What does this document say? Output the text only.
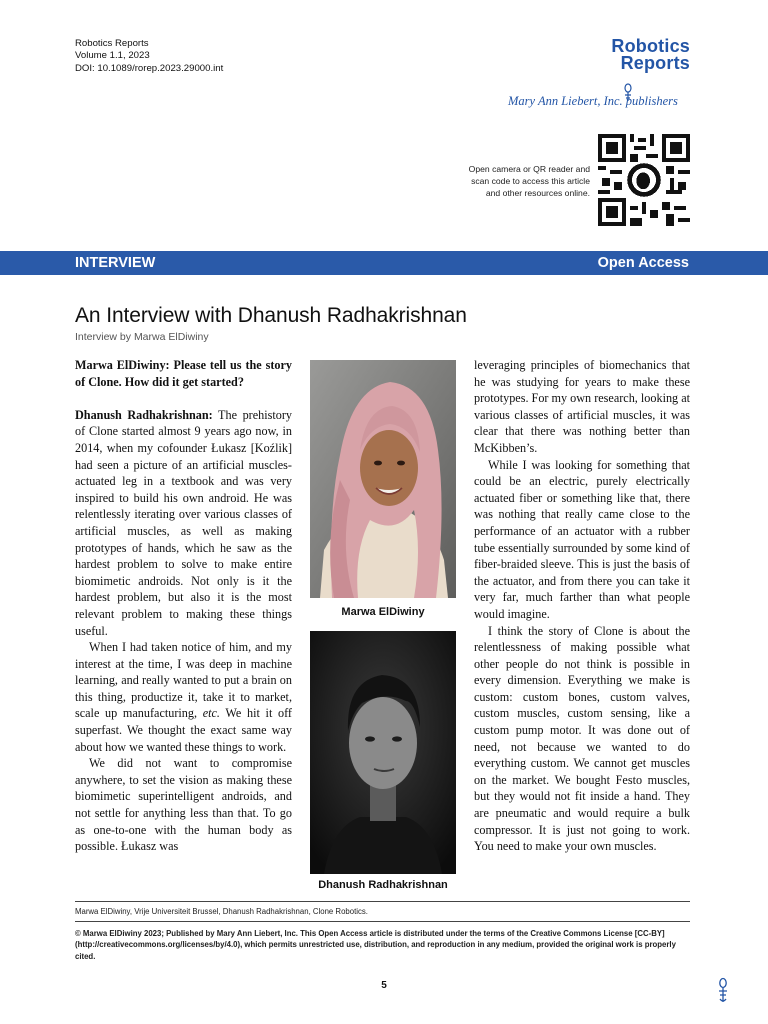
Robotics Reports
Volume 1.1, 2023
DOI: 10.1089/rorep.2023.29000.int
Robotics
Reports
Mary Ann Liebert, Inc. publishers
Open camera or QR reader and
scan code to access this article
and other resources online.
INTERVIEW	Open Access
An Interview with Dhanush Radhakrishnan
Interview by Marwa ElDiwiny

Marwa ElDiwiny: Please tell us the story of Clone. How did it get started?

Dhanush Radhakrishnan: The prehistory of Clone started almost 9 years ago now, in 2014, when my cofounder Łukasz [Koźlik] had seen a picture of an artificial muscles-actuated leg in a textbook and was very inspired to build his own android. He was relentlessly iterating over various classes of artificial muscles, as well as making prototypes of hands, which he saw as the hardest problem to solve to make entire biomimetic androids. Not only is it the hardest problem, but also it is the most relevant problem to making these things useful.

When I had taken notice of him, and my interest at the time, I was deep in machine learning, and really wanted to put a brain on this thing, productize it, take it to market, scale up manufacturing, etc. We hit it off superfast. We thought the exact same way about how we wanted these things to work.

We did not want to compromise anywhere, to set the vision as making these biomimetic superintelligent androids, and not settle for anything less than that. To go as one-to-one with the human body as possible. Łukasz was

Marwa ElDiwiny
Dhanush Radhakrishnan

leveraging principles of biomechanics that he was studying for years to make these prototypes. For my own research, looking at various classes of artificial muscles, it was clear that there was nothing better than McKibben’s.

While I was looking for something that could be an electric, purely electrically actuated fiber or something like that, there was nothing that really came close to the performance of an actuator with a rubber tube essentially surrounded by some kind of fiber-braided sleeve. This is just the basis of the actuator, and from there you can take it very far, much farther than what people would imagine.

I think the story of Clone is about the relentlessness of making possible what other people do not think is possible in every dimension. Everything we make is custom: custom bones, custom valves, custom muscles, custom sensing, like a custom pump motor. It was done out of need, not because we wanted to do everything custom. We cannot get muscles on the market. We bought Festo muscles, but they would not fit inside a hand. They are pneumatic and would require a bulk compressor. It is just not going to work. You need to make your own muscles.

Marwa ElDiwiny, Vrije Universiteit Brussel, Dhanush Radhakrishnan, Clone Robotics.
© Marwa ElDiwiny 2023; Published by Mary Ann Liebert, Inc. This Open Access article is distributed under the terms of the Creative Commons License [CC-BY] (http://creativecommons.org/licenses/by/4.0), which permits unrestricted use, distribution, and reproduction in any medium, provided the original work is properly cited.
5
